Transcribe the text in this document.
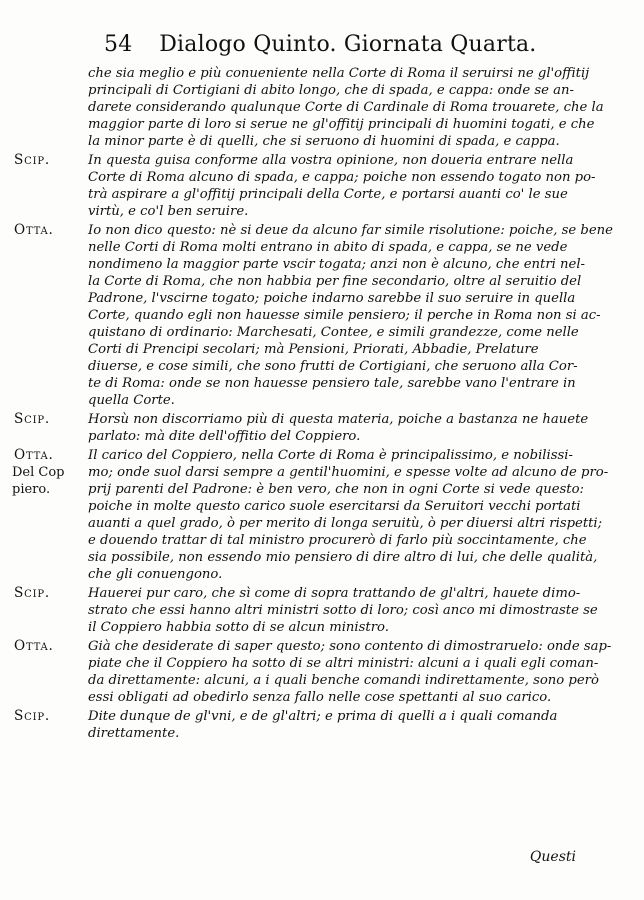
54 Dialogo Quinto. Giornata Quarta.
che sia meglio e più conueniente nella Corte di Roma il seruirsi ne gl'offitij
principali di Cortigiani di abito longo, che di spada, e cappa: onde se an-
darete considerando qualunque Corte di Cardinale di Roma trouarete, che la
maggior parte di loro si serue ne gl'offitij principali di huomini togati, e che
la minor parte è di quelli, che si seruono di huomini di spada, e cappa.
Scip.	In questa guisa conforme alla vostra opinione, non doueria entrare nella
Corte di Roma alcuno di spada, e cappa; poiche non essendo togato non po-
trà aspirare a gl'offitij principali della Corte, e portarsi auanti co' le sue
virtù, e co'l ben seruire.
Otta.	Io non dico questo: nè si deue da alcuno far simile risolutione: poiche, se bene
nelle Corti di Roma molti entrano in abito di spada, e cappa, se ne vede
nondimeno la maggior parte vscir togata; anzi non è alcuno, che entri nel-
la Corte di Roma, che non habbia per fine secondario, oltre al seruitio del
Padrone, l'vscirne togato; poiche indarno sarebbe il suo seruire in quella
Corte, quando egli non hauesse simile pensiero; il perche in Roma non si ac-
quistano di ordinario: Marchesati, Contee, e simili grandezze, come nelle
Corti di Prencipi secolari; mà Pensioni, Priorati, Abbadie, Prelature
diuerse, e cose simili, che sono frutti de Cortigiani, che seruono alla Cor-
te di Roma: onde se non hauesse pensiero tale, sarebbe vano l'entrare in
quella Corte.
Scip.	Horsù non discorriamo più di questa materia, poiche a bastanza ne hauete
parlato: mà dite dell'offitio del Coppiero.
Otta.	Il carico del Coppiero, nella Corte di Roma è principalissimo, e nobilissi-
Del Cop	mo; onde suol darsi sempre a gentil'huomini, e spesse volte ad alcuno de pro-
piero.	prij parenti del Padrone: è ben vero, che non in ogni Corte si vede questo:
poiche in molte questo carico suole esercitarsi da Seruitori vecchi portati
auanti a quel grado, ò per merito di longa seruitù, ò per diuersi altri rispetti;
e douendo trattar di tal ministro procurerò di farlo più soccintamente, che
sia possibile, non essendo mio pensiero di dire altro di lui, che delle qualità,
che gli conuengono.
Scip.	Hauerei pur caro, che sì come di sopra trattando de gl'altri, hauete dimo-
strato che essi hanno altri ministri sotto di loro; così anco mi dimostraste se
il Coppiero habbia sotto di se alcun ministro.
Otta.	Già che desiderate di saper questo; sono contento di dimostraruelo: onde sap-
piate che il Coppiero ha sotto di se altri ministri: alcuni a i quali egli coman-
da direttamente: alcuni, a i quali benche comandi indirettamente, sono però
essi obligati ad obedirlo senza fallo nelle cose spettanti al suo carico.
Scip.	Dite dunque de gl'vni, e de gl'altri; e prima di quelli a i quali comanda
direttamente.
Questi
